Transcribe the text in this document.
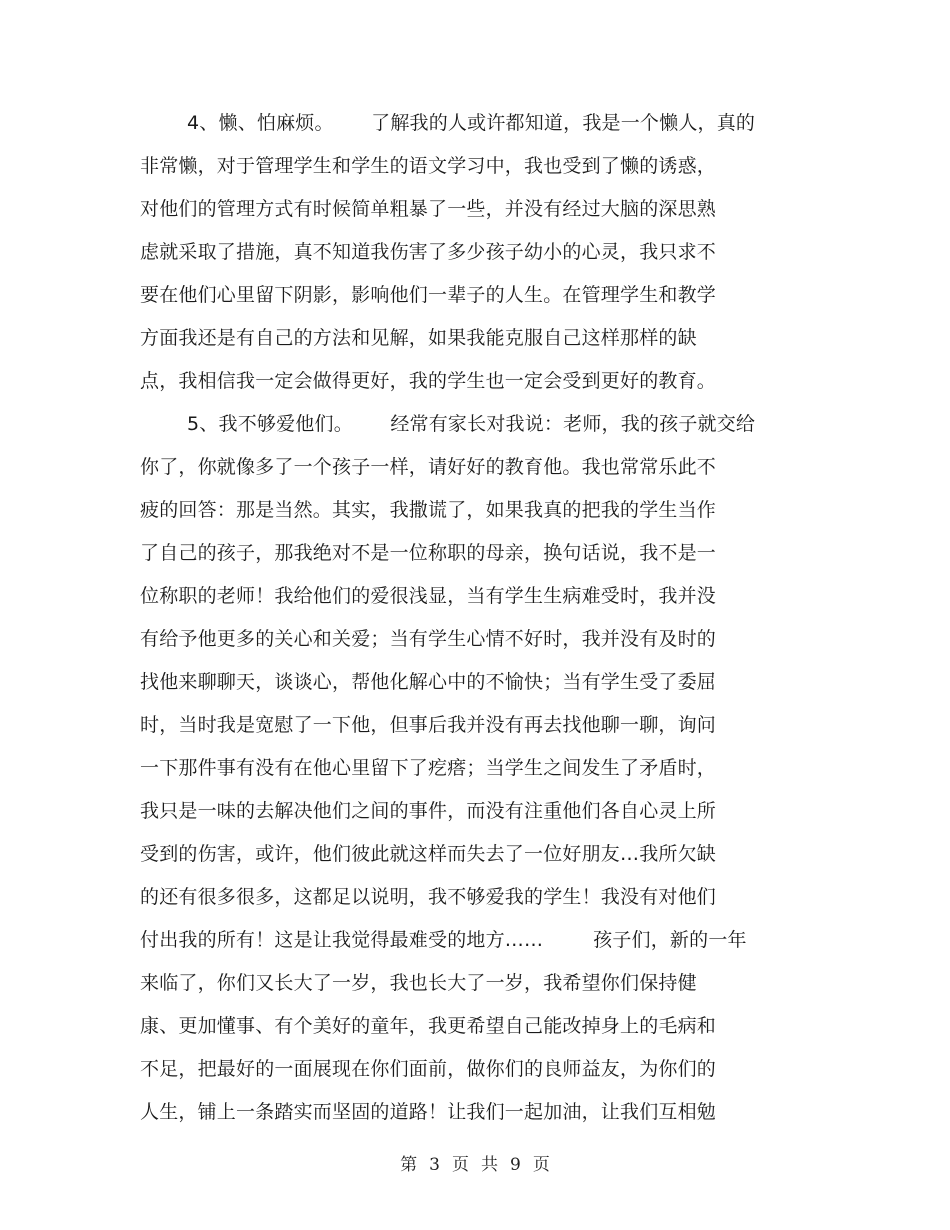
4、懒、怕麻烦。      了解我的人或许都知道，我是一个懒人，真的
非常懒，对于管理学生和学生的语文学习中，我也受到了懒的诱惑，
对他们的管理方式有时候简单粗暴了一些，并没有经过大脑的深思熟
虑就采取了措施，真不知道我伤害了多少孩子幼小的心灵，我只求不
要在他们心里留下阴影，影响他们一辈子的人生。在管理学生和教学
方面我还是有自己的方法和见解，如果我能克服自己这样那样的缺
点，我相信我一定会做得更好，我的学生也一定会受到更好的教育。
5、我不够爱他们。      经常有家长对我说：老师，我的孩子就交给
你了，你就像多了一个孩子一样，请好好的教育他。我也常常乐此不
疲的回答：那是当然。其实，我撒谎了，如果我真的把我的学生当作
了自己的孩子，那我绝对不是一位称职的母亲，换句话说，我不是一
位称职的老师！我给他们的爱很浅显，当有学生生病难受时，我并没
有给予他更多的关心和关爱；当有学生心情不好时，我并没有及时的
找他来聊聊天，谈谈心，帮他化解心中的不愉快；当有学生受了委屈
时，当时我是宽慰了一下他，但事后我并没有再去找他聊一聊，询问
一下那件事有没有在他心里留下了疙瘩；当学生之间发生了矛盾时，
我只是一味的去解决他们之间的事件，而没有注重他们各自心灵上所
受到的伤害，或许，他们彼此就这样而失去了一位好朋友…我所欠缺
的还有很多很多，这都足以说明，我不够爱我的学生！我没有对他们
付出我的所有！这是让我觉得最难受的地方……        孩子们，新的一年
来临了，你们又长大了一岁，我也长大了一岁，我希望你们保持健
康、更加懂事、有个美好的童年，我更希望自己能改掉身上的毛病和
不足，把最好的一面展现在你们面前，做你们的良师益友，为你们的
人生，铺上一条踏实而坚固的道路！让我们一起加油，让我们互相勉
第 3 页 共 9 页
